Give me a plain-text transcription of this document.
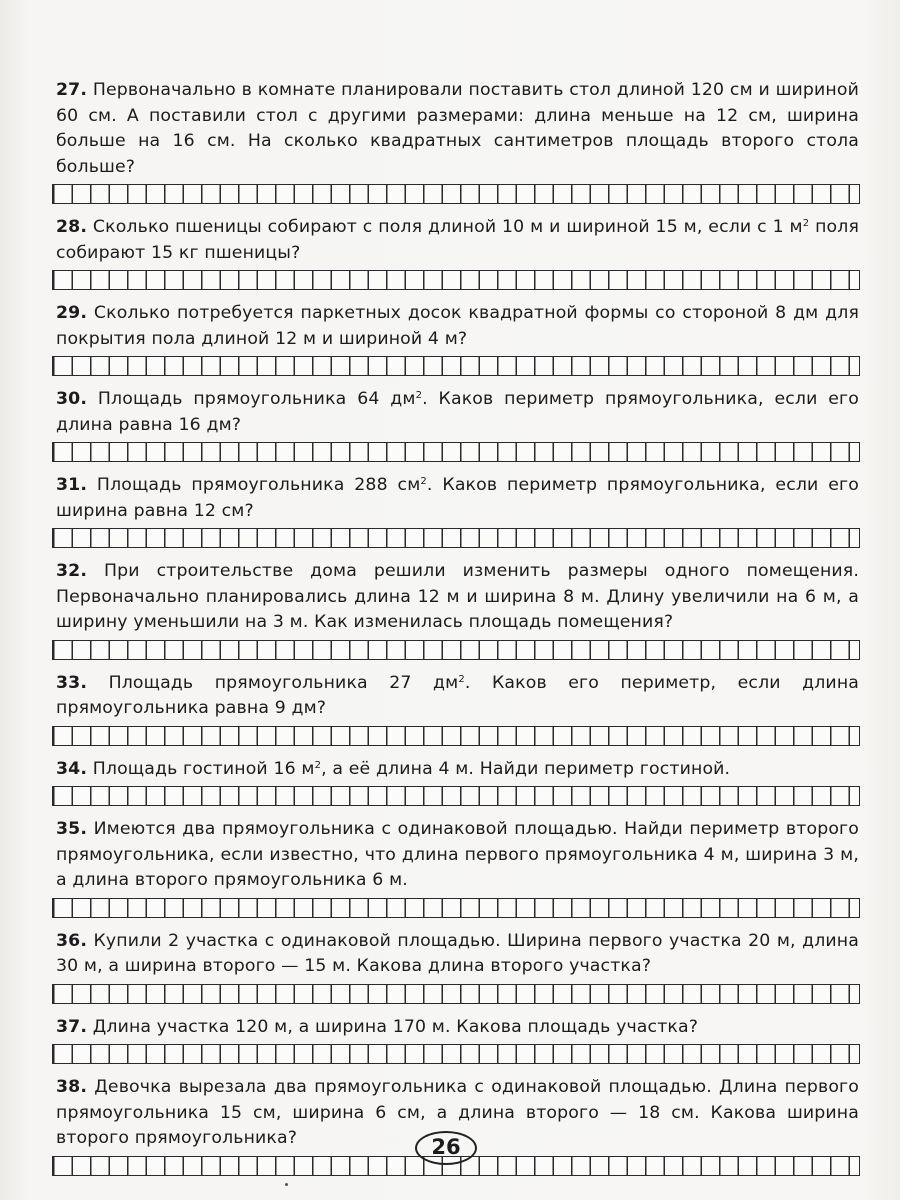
27. Первоначально в комнате планировали поставить стол длиной 120 см и шириной 60 см. А поставили стол с другими размерами: длина меньше на 12 см, ширина больше на 16 см. На сколько квадратных сантиметров площадь второго стола больше?
28. Сколько пшеницы собирают с поля длиной 10 м и шириной 15 м, если с 1 $м^2$ поля собирают 15 кг пшеницы?
29. Сколько потребуется паркетных досок квадратной формы со стороной 8 дм для покрытия пола длиной 12 м и шириной 4 м?
30. Площадь прямоугольника 64 $дм^2$. Каков периметр прямоугольника, если его длина равна 16 дм?
31. Площадь прямоугольника 288 $см^2$. Каков периметр прямоугольника, если его ширина равна 12 см?
32. При строительстве дома решили изменить размеры одного помещения. Первоначально планировались длина 12 м и ширина 8 м. Длину увеличили на 6 м, а ширину уменьшили на 3 м. Как изменилась площадь помещения?
33. Площадь прямоугольника 27 $дм^2$. Каков его периметр, если длина прямоугольника равна 9 дм?
34. Площадь гостиной 16 $м^2$, а её длина 4 м. Найди периметр гостиной.
35. Имеются два прямоугольника с одинаковой площадью. Найди периметр второго прямоугольника, если известно, что длина первого прямоугольника 4 м, ширина 3 м, а длина второго прямоугольника 6 м.
36. Купили 2 участка с одинаковой площадью. Ширина первого участка 20 м, длина 30 м, а ширина второго — 15 м. Какова длина второго участка?
37. Длина участка 120 м, а ширина 170 м. Какова площадь участка?
38. Девочка вырезала два прямоугольника с одинаковой площадью. Длина первого прямоугольника 15 см, ширина 6 см, а длина второго — 18 см. Какова ширина второго прямоугольника?	26
